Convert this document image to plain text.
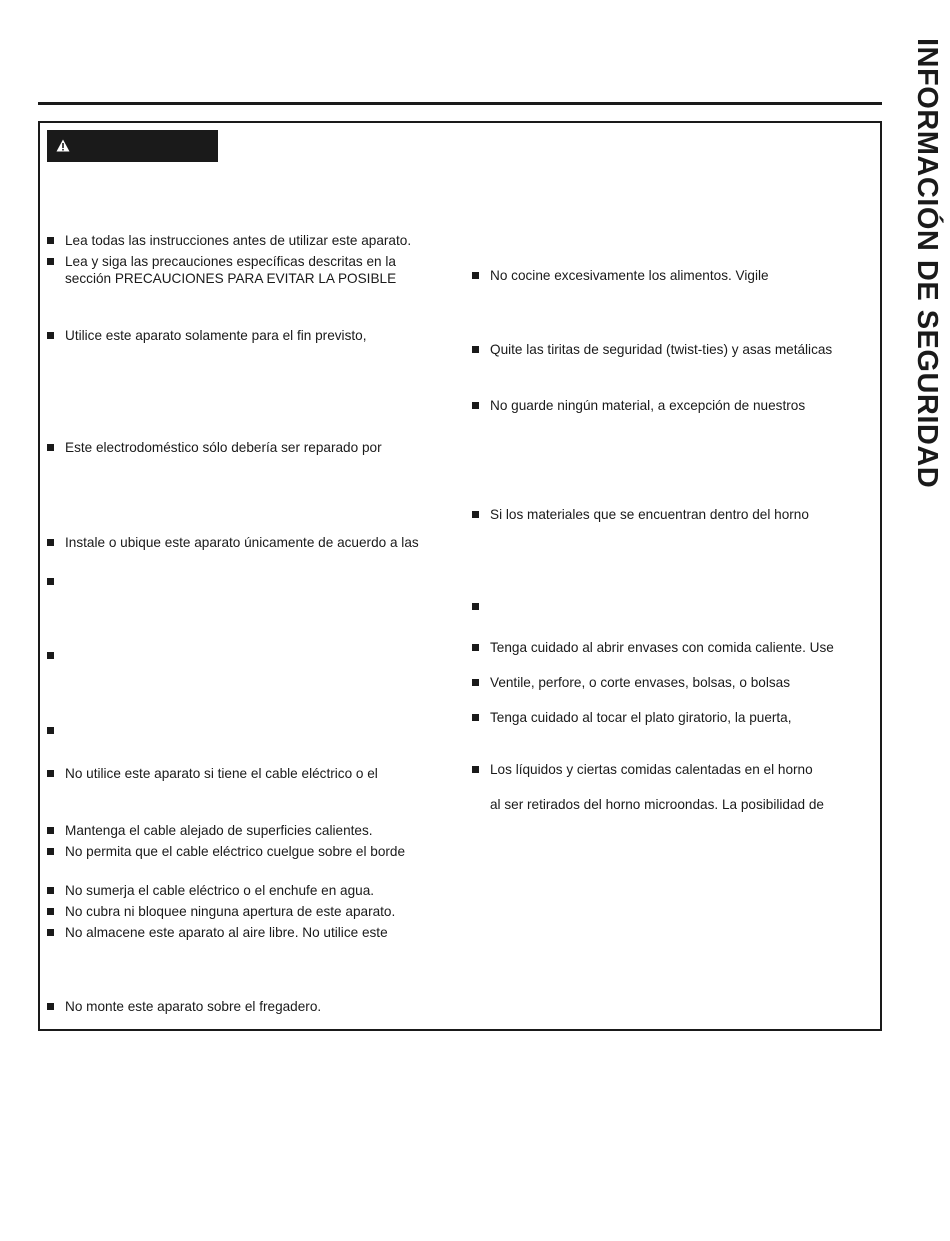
INFORMACIÓN DE SEGURIDAD
Lea todas las instrucciones antes de utilizar este aparato.
Lea y siga las precauciones específicas descritas en la
sección PRECAUCIONES PARA EVITAR LA POSIBLE
Utilice este aparato solamente para el fin previsto,
Este electrodoméstico sólo debería ser reparado por
Instale o ubique este aparato únicamente de acuerdo a las
No utilice este aparato si tiene el cable eléctrico o el
Mantenga el cable alejado de superficies calientes.
No permita que el cable eléctrico cuelgue sobre el borde
No sumerja el cable eléctrico o el enchufe en agua.
No cubra ni bloquee ninguna apertura de este aparato.
No almacene este aparato al aire libre. No utilice este
No monte este aparato sobre el fregadero.
No cocine excesivamente los alimentos. Vigile
Quite las tiritas de seguridad (twist-ties) y asas metálicas
No guarde ningún material, a excepción de nuestros
Si los materiales que se encuentran dentro del horno
Tenga cuidado al abrir envases con comida caliente. Use
Ventile, perfore, o corte envases, bolsas, o bolsas
Tenga cuidado al tocar el plato giratorio, la puerta,
Los líquidos y ciertas comidas calentadas en el horno
al ser retirados del horno microondas. La posibilidad de
